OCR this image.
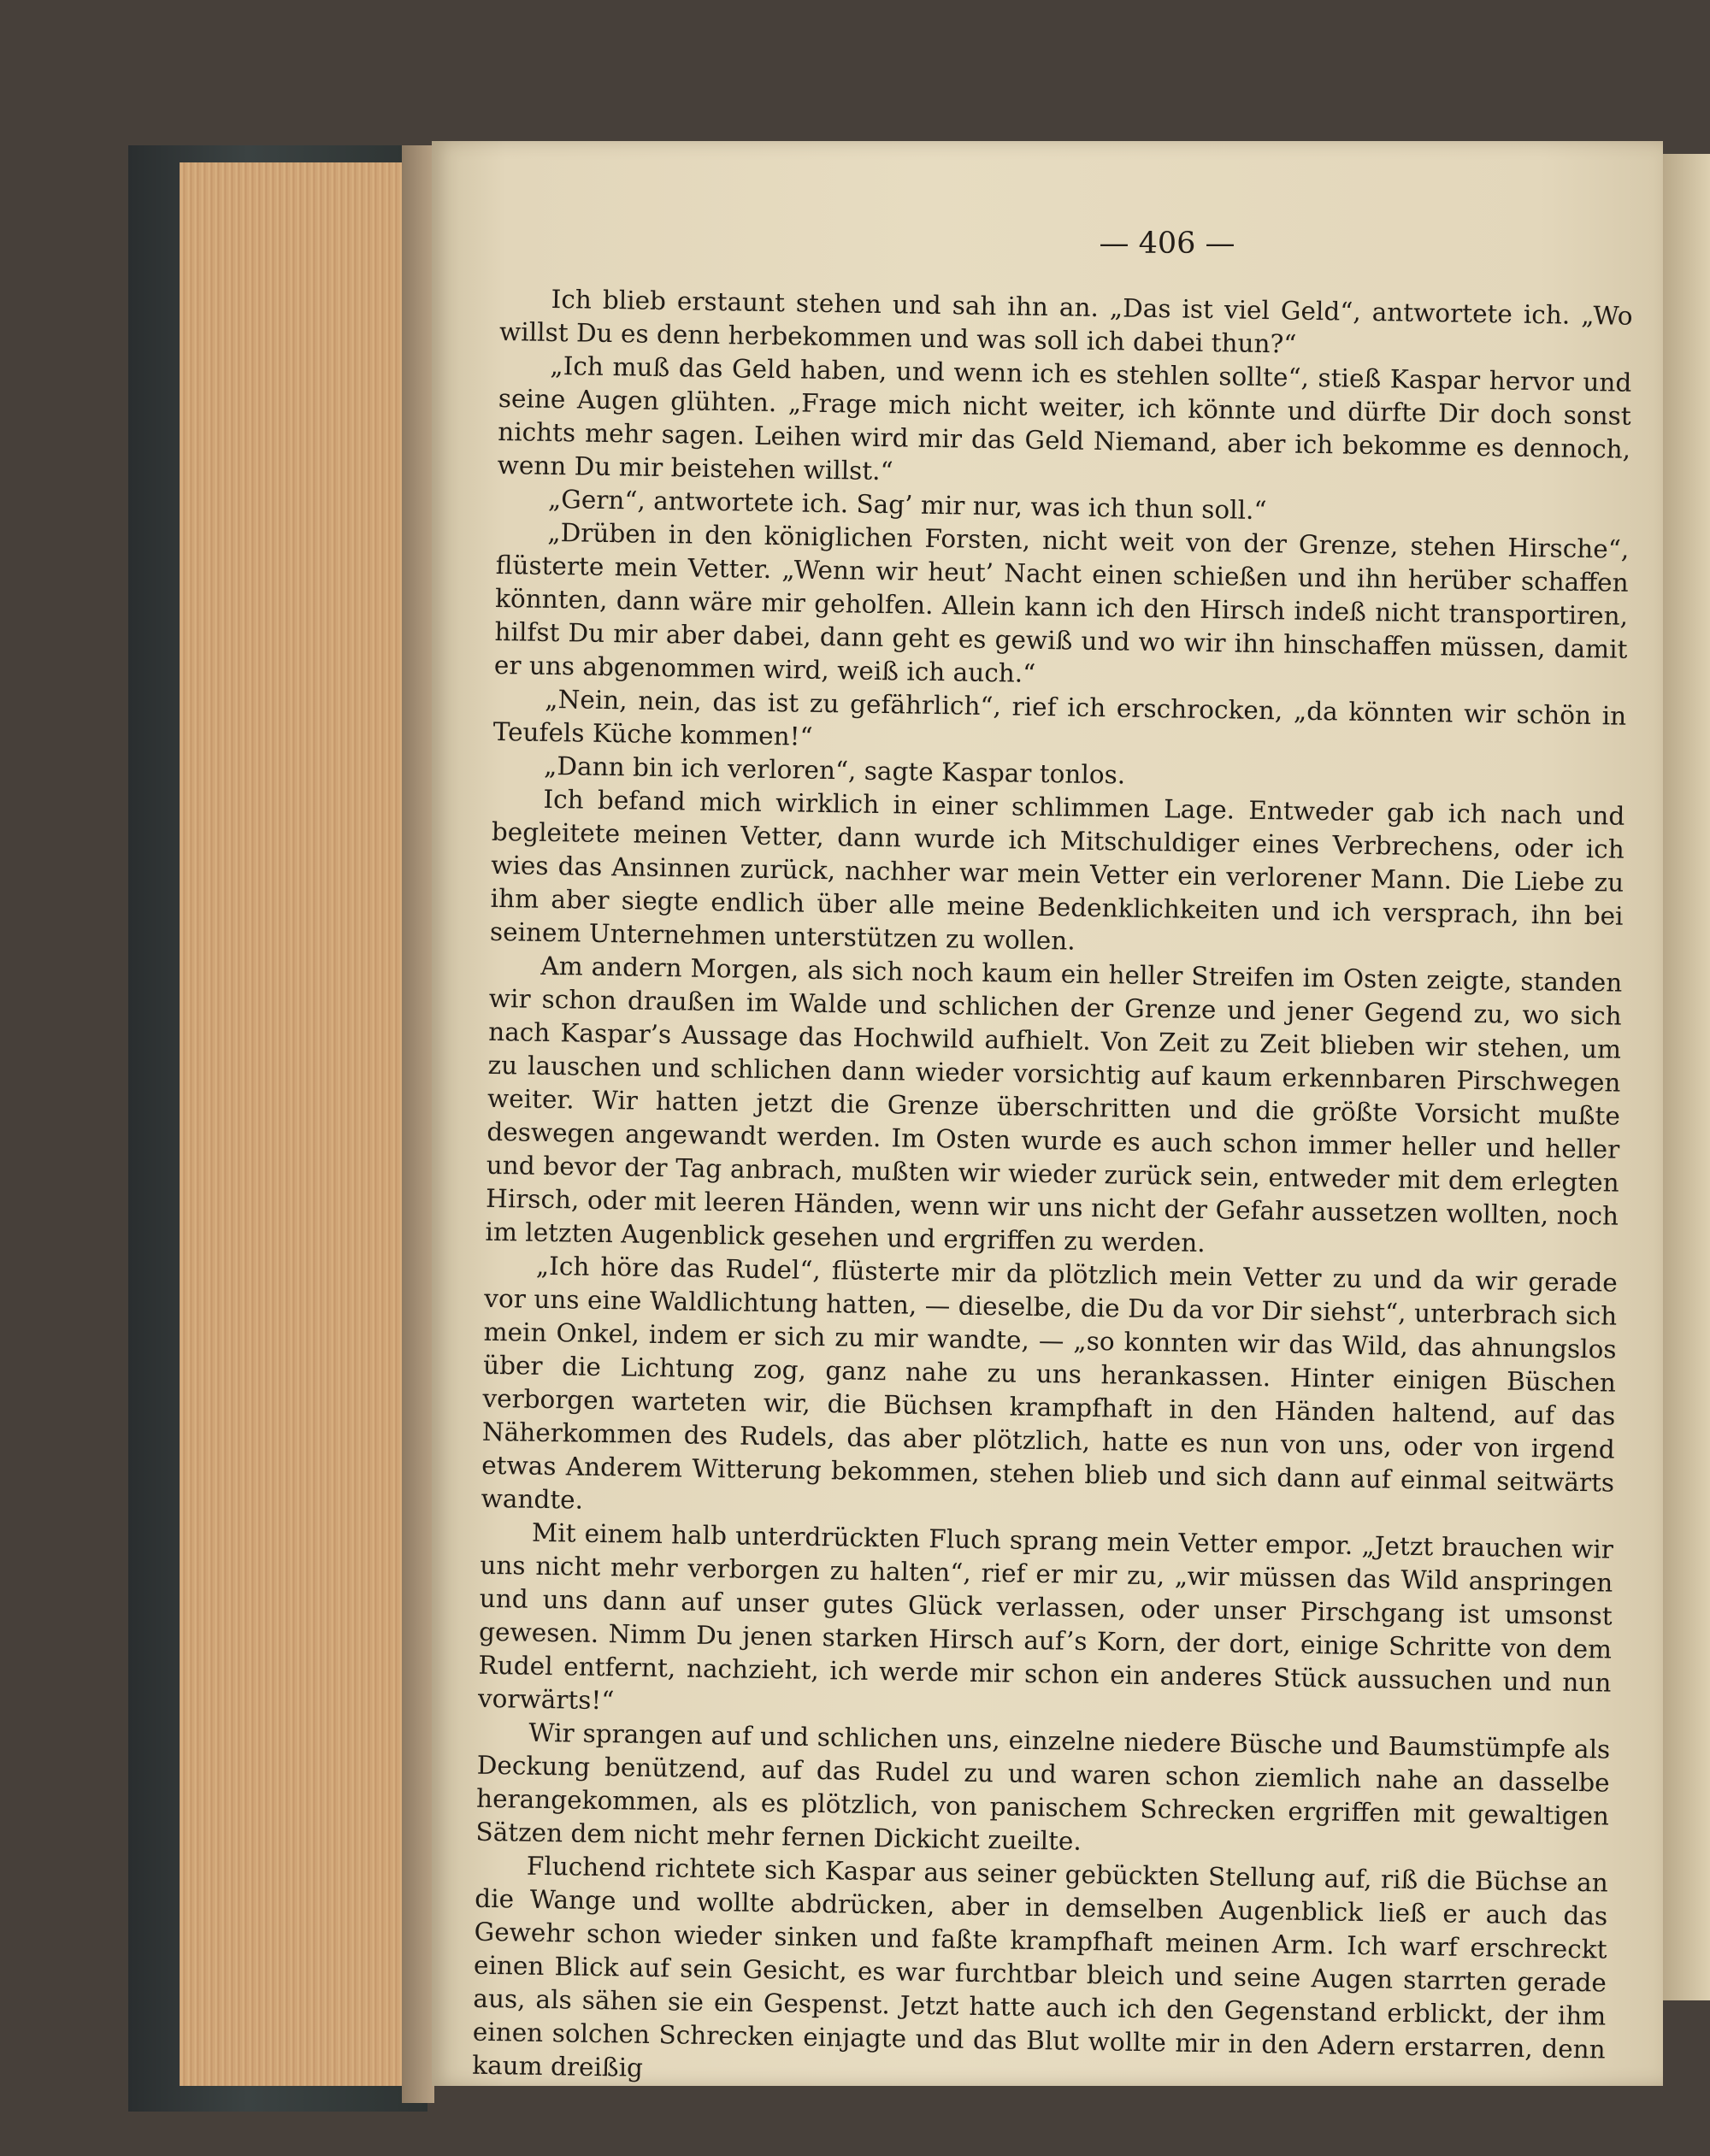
— 406 —

Ich blieb erstaunt stehen und sah ihn an. „Das ist viel Geld“, antwortete ich. „Wo willst Du es denn herbekommen und was soll ich dabei thun?“

„Ich muß das Geld haben, und wenn ich es stehlen sollte“, stieß Kaspar hervor und seine Augen glühten. „Frage mich nicht weiter, ich könnte und dürfte Dir doch sonst nichts mehr sagen. Leihen wird mir das Geld Niemand, aber ich bekomme es dennoch, wenn Du mir beistehen willst.“

„Gern“, antwortete ich. Sag’ mir nur, was ich thun soll.“

„Drüben in den königlichen Forsten, nicht weit von der Grenze, stehen Hirsche“, flüsterte mein Vetter. „Wenn wir heut’ Nacht einen schießen und ihn herüber schaffen könnten, dann wäre mir geholfen. Allein kann ich den Hirsch indeß nicht transportiren, hilfst Du mir aber dabei, dann geht es gewiß und wo wir ihn hinschaffen müssen, damit er uns abgenommen wird, weiß ich auch.“

„Nein, nein, das ist zu gefährlich“, rief ich erschrocken, „da könnten wir schön in Teufels Küche kommen!“

„Dann bin ich verloren“, sagte Kaspar tonlos.

Ich befand mich wirklich in einer schlimmen Lage. Entweder gab ich nach und begleitete meinen Vetter, dann wurde ich Mitschuldiger eines Verbrechens, oder ich wies das Ansinnen zurück, nachher war mein Vetter ein verlorener Mann. Die Liebe zu ihm aber siegte endlich über alle meine Bedenklichkeiten und ich versprach, ihn bei seinem Unternehmen unterstützen zu wollen.

Am andern Morgen, als sich noch kaum ein heller Streifen im Osten zeigte, standen wir schon draußen im Walde und schlichen der Grenze und jener Gegend zu, wo sich nach Kaspar’s Aussage das Hochwild aufhielt. Von Zeit zu Zeit blieben wir stehen, um zu lauschen und schlichen dann wieder vorsichtig auf kaum erkennbaren Pirschwegen weiter. Wir hatten jetzt die Grenze überschritten und die größte Vorsicht mußte deswegen angewandt werden. Im Osten wurde es auch schon immer heller und heller und bevor der Tag anbrach, mußten wir wieder zurück sein, entweder mit dem erlegten Hirsch, oder mit leeren Händen, wenn wir uns nicht der Gefahr aussetzen wollten, noch im letzten Augenblick gesehen und ergriffen zu werden.

„Ich höre das Rudel“, flüsterte mir da plötzlich mein Vetter zu und da wir gerade vor uns eine Waldlichtung hatten, — dieselbe, die Du da vor Dir siehst“, unterbrach sich mein Onkel, indem er sich zu mir wandte, — „so konnten wir das Wild, das ahnungslos über die Lichtung zog, ganz nahe zu uns herankassen. Hinter einigen Büschen verborgen warteten wir, die Büchsen krampfhaft in den Händen haltend, auf das Näherkommen des Rudels, das aber plötzlich, hatte es nun von uns, oder von irgend etwas Anderem Witterung bekommen, stehen blieb und sich dann auf einmal seitwärts wandte.

Mit einem halb unterdrückten Fluch sprang mein Vetter empor. „Jetzt brauchen wir uns nicht mehr verborgen zu halten“, rief er mir zu, „wir müssen das Wild anspringen und uns dann auf unser gutes Glück verlassen, oder unser Pirschgang ist umsonst gewesen. Nimm Du jenen starken Hirsch auf’s Korn, der dort, einige Schritte von dem Rudel entfernt, nachzieht, ich werde mir schon ein anderes Stück aussuchen und nun vorwärts!“

Wir sprangen auf und schlichen uns, einzelne niedere Büsche und Baumstümpfe als Deckung benützend, auf das Rudel zu und waren schon ziemlich nahe an dasselbe herangekommen, als es plötzlich, von panischem Schrecken ergriffen mit gewaltigen Sätzen dem nicht mehr fernen Dickicht zueilte.

Fluchend richtete sich Kaspar aus seiner gebückten Stellung auf, riß die Büchse an die Wange und wollte abdrücken, aber in demselben Augenblick ließ er auch das Gewehr schon wieder sinken und faßte krampfhaft meinen Arm. Ich warf erschreckt einen Blick auf sein Gesicht, es war furchtbar bleich und seine Augen starrten gerade aus, als sähen sie ein Gespenst. Jetzt hatte auch ich den Gegenstand erblickt, der ihm einen solchen Schrecken einjagte und das Blut wollte mir in den Adern erstarren, denn kaum dreißig
